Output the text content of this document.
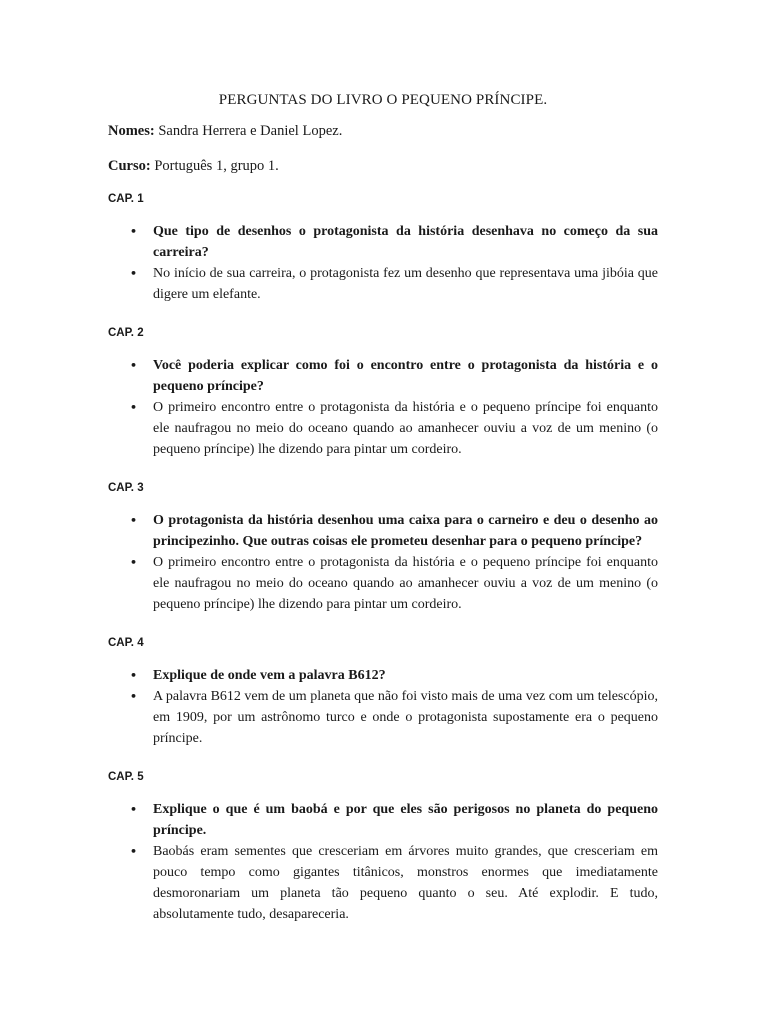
PERGUNTAS DO LIVRO O PEQUENO PRÍNCIPE.
Nomes: Sandra Herrera e Daniel Lopez.
Curso: Português 1, grupo 1.
CAP. 1
• Que tipo de desenhos o protagonista da história desenhava no começo da sua carreira?
• No início de sua carreira, o protagonista fez um desenho que representava uma jibóia que digere um elefante.
CAP. 2
• Você poderia explicar como foi o encontro entre o protagonista da história e o pequeno príncipe?
• O primeiro encontro entre o protagonista da história e o pequeno príncipe foi enquanto ele naufragou no meio do oceano quando ao amanhecer ouviu a voz de um menino (o pequeno príncipe) lhe dizendo para pintar um cordeiro.
CAP. 3
• O protagonista da história desenhou uma caixa para o carneiro e deu o desenho ao principezinho. Que outras coisas ele prometeu desenhar para o pequeno príncipe?
• O primeiro encontro entre o protagonista da história e o pequeno príncipe foi enquanto ele naufragou no meio do oceano quando ao amanhecer ouviu a voz de um menino (o pequeno príncipe) lhe dizendo para pintar um cordeiro.
CAP. 4
• Explique de onde vem a palavra B612?
• A palavra B612 vem de um planeta que não foi visto mais de uma vez com um telescópio, em 1909, por um astrônomo turco e onde o protagonista supostamente era o pequeno príncipe.
CAP. 5
• Explique o que é um baobá e por que eles são perigosos no planeta do pequeno príncipe.
• Baobás eram sementes que cresceriam em árvores muito grandes, que cresceriam em pouco tempo como gigantes titânicos, monstros enormes que imediatamente desmoronariam um planeta tão pequeno quanto o seu. Até explodir. E tudo, absolutamente tudo, desapareceria.
